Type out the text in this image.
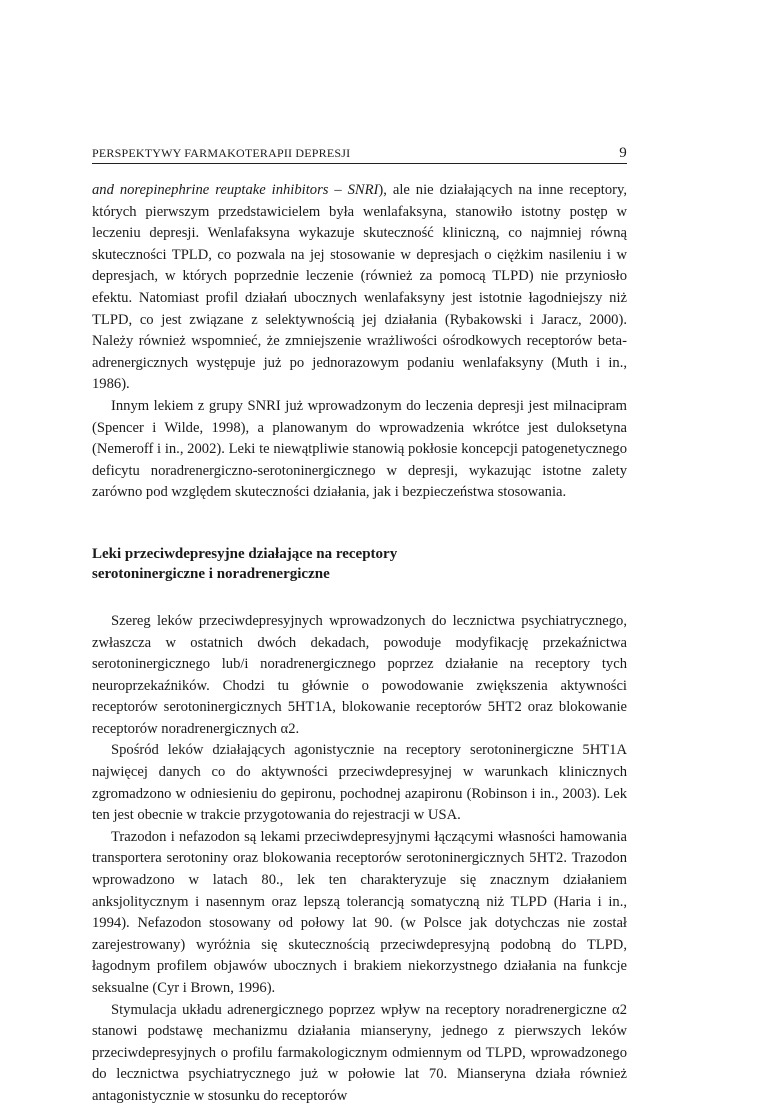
PERSPEKTYWY FARMAKOTERAPII DEPRESJI	9

and norepinephrine reuptake inhibitors – SNRI), ale nie działających na inne receptory, których pierwszym przedstawicielem była wenlafaksyna, stanowiło istotny postęp w leczeniu depresji. Wenlafaksyna wykazuje skuteczność kliniczną, co najmniej równą skuteczności TPLD, co pozwala na jej stosowanie w depresjach o ciężkim nasileniu i w depresjach, w których poprzednie leczenie (również za pomocą TLPD) nie przyniosło efektu. Natomiast profil działań ubocznych wenlafaksyny jest istotnie łagodniejszy niż TLPD, co jest związane z selektywnością jej działania (Rybakowski i Jaracz, 2000). Należy również wspomnieć, że zmniejszenie wrażliwości ośrodkowych receptorów beta-adrenergicznych występuje już po jednorazowym podaniu wenlafaksyny (Muth i in., 1986).

Innym lekiem z grupy SNRI już wprowadzonym do leczenia depresji jest milnacipram (Spencer i Wilde, 1998), a planowanym do wprowadzenia wkrótce jest duloksetyna (Nemeroff i in., 2002). Leki te niewątpliwie stanowią pokłosie koncepcji patogenetycznego deficytu noradrenergiczno-serotoninergicznego w depresji, wykazując istotne zalety zarówno pod względem skuteczności działania, jak i bezpieczeństwa stosowania.

Leki przeciwdepresyjne działające na receptory
serotoninergiczne i noradrenergiczne

Szereg leków przeciwdepresyjnych wprowadzonych do lecznictwa psychiatrycznego, zwłaszcza w ostatnich dwóch dekadach, powoduje modyfikację przekaźnictwa serotoninergicznego lub/i noradrenergicznego poprzez działanie na receptory tych neuroprzekaźników. Chodzi tu głównie o powodowanie zwiększenia aktywności receptorów serotoninergicznych 5HT1A, blokowanie receptorów 5HT2 oraz blokowanie receptorów noradrenergicznych α2.

Spośród leków działających agonistycznie na receptory serotoninergiczne 5HT1A najwięcej danych co do aktywności przeciwdepresyjnej w warunkach klinicznych zgromadzono w odniesieniu do gepironu, pochodnej azapironu (Robinson i in., 2003). Lek ten jest obecnie w trakcie przygotowania do rejestracji w USA.

Trazodon i nefazodon są lekami przeciwdepresyjnymi łączącymi własności hamowania transportera serotoniny oraz blokowania receptorów serotoninergicznych 5HT2. Trazodon wprowadzono w latach 80., lek ten charakteryzuje się znacznym działaniem anksjolitycznym i nasennym oraz lepszą tolerancją somatyczną niż TLPD (Haria i in., 1994). Nefazodon stosowany od połowy lat 90. (w Polsce jak dotychczas nie został zarejestrowany) wyróżnia się skutecznością przeciwdepresyjną podobną do TLPD, łagodnym profilem objawów ubocznych i brakiem niekorzystnego działania na funkcje seksualne (Cyr i Brown, 1996).

Stymulacja układu adrenergicznego poprzez wpływ na receptory noradrenergiczne α2 stanowi podstawę mechanizmu działania mianseryny, jednego z pierwszych leków przeciwdepresyjnych o profilu farmakologicznym odmiennym od TLPD, wprowadzonego do lecznictwa psychiatrycznego już w połowie lat 70. Mianseryna działa również antagonistycznie w stosunku do receptorów
